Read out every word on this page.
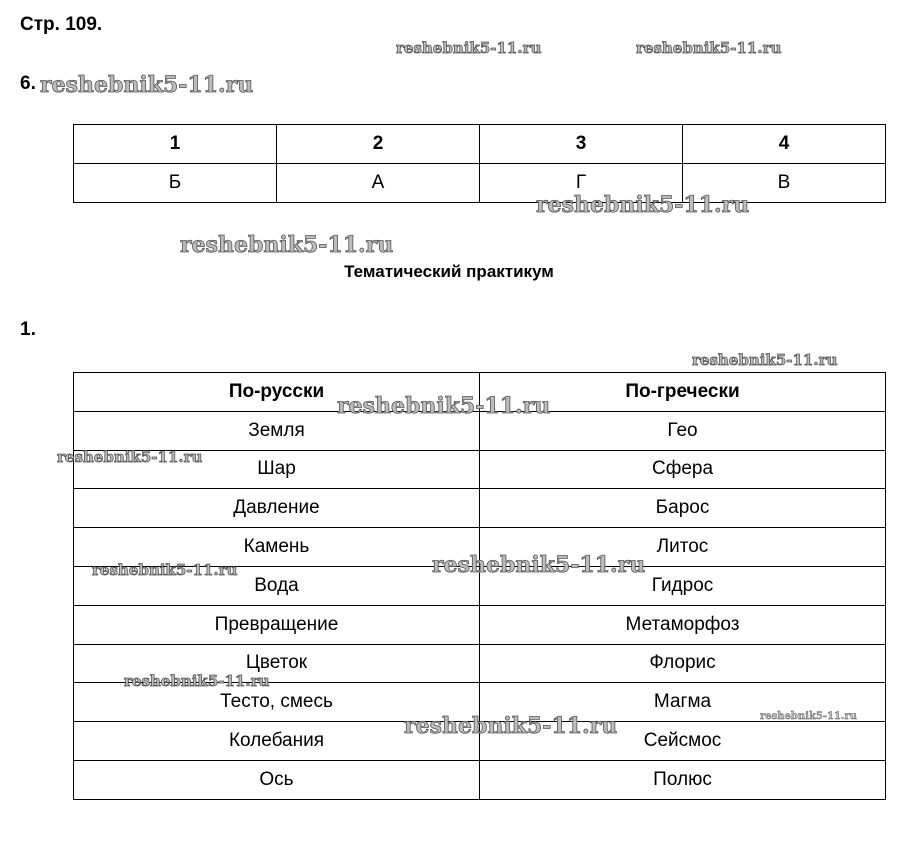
Стр. 109.
6.
1	2	3	4
Б	А	Г	В
Тематический практикум
1.
По-русски	По-гречески
Земля	Гео
Шар	Сфера
Давление	Барос
Камень	Литос
Вода	Гидрос
Превращение	Метаморфоз
Цветок	Флорис
Тесто, смесь	Магма
Колебания	Сейсмос
Ось	Полюс
reshebnik5-11.ru	reshebnik5-11.ru
reshebnik5-11.ru
reshebnik5-11.ru
reshebnik5-11.ru
reshebnik5-11.ru
reshebnik5-11.ru
reshebnik5-11.ru
reshebnik5-11.ru
reshebnik5-11.ru
reshebnik5-11.ru
reshebnik5-11.ru	reshebnik5-11.ru
